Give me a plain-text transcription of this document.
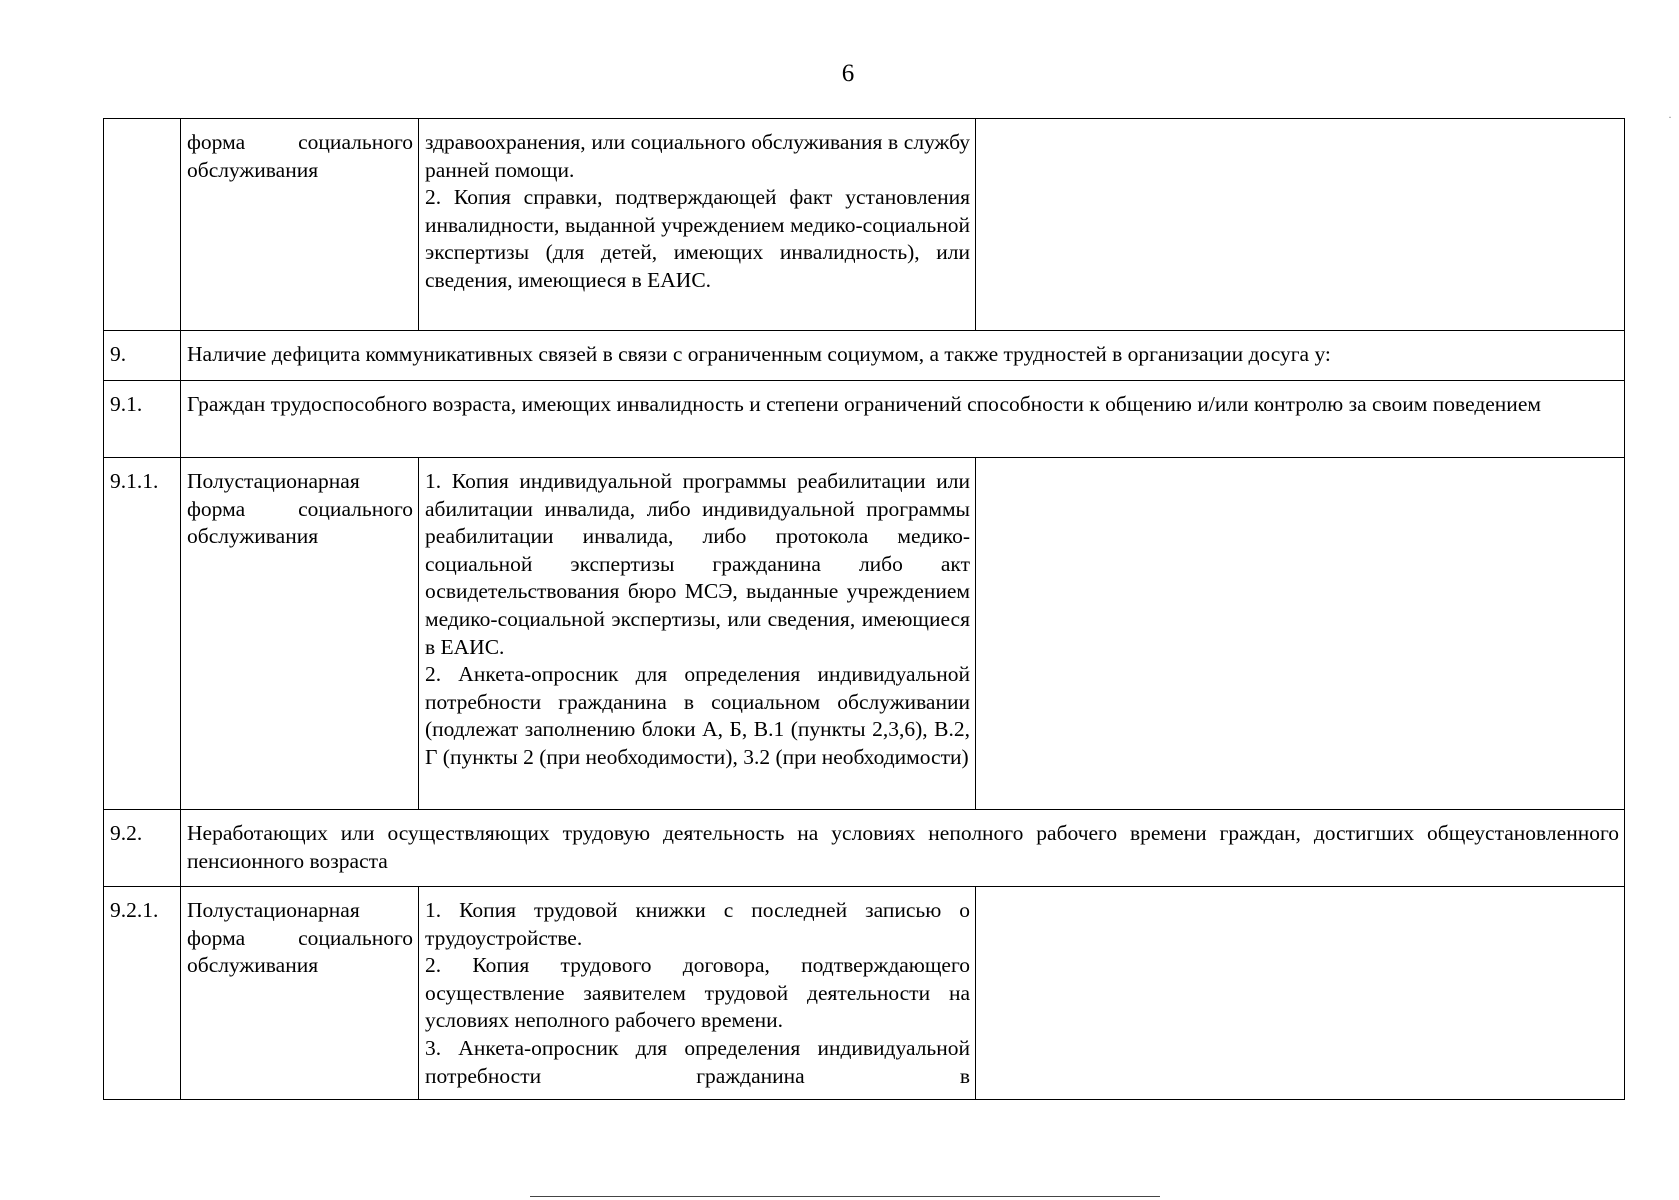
6
·

	форма социального обслуживания	здравоохранения, или социального обслуживания в службу ранней помощи.
2. Копия справки, подтверждающей факт установления инвалидности, выданной учреждением медико-социальной экспертизы (для детей, имеющих инвалидность), или сведения, имеющиеся в ЕАИС.	

9.	Наличие дефицита коммуникативных связей в связи с ограниченным социумом, а также трудностей в организации досуга у:		
9.1.	Граждан трудоспособного возраста, имеющих инвалидность и степени ограничений способности к общению и/или контролю за своим поведением		
9.1.1.	Полустационарная форма социального обслуживания	1. Копия индивидуальной программы реабилитации или абилитации инвалида, либо индивидуальной программы реабилитации инвалида, либо протокола медико-социальной экспертизы гражданина либо акт освидетельствования бюро МСЭ, выданные учреждением медико-социальной экспертизы, или сведения, имеющиеся в ЕАИС.
2. Анкета-опросник для определения индивидуальной потребности гражданина в социальном обслуживании (подлежат заполнению блоки А, Б, В.1 (пункты 2,3,6), В.2, Г (пункты 2 (при необходимости), 3.2 (при необходимости)	

9.2.	Неработающих или осуществляющих трудовую деятельность на условиях неполного рабочего времени граждан, достигших общеустановленного пенсионного возраста		
9.2.1.	Полустационарная форма социального обслуживания	1. Копия трудовой книжки с последней записью о трудоустройстве.
2. Копия трудового договора, подтверждающего осуществление заявителем трудовой деятельности на условиях неполного рабочего времени.
3. Анкета-опросник для определения индивидуальной потребности гражданина в	
